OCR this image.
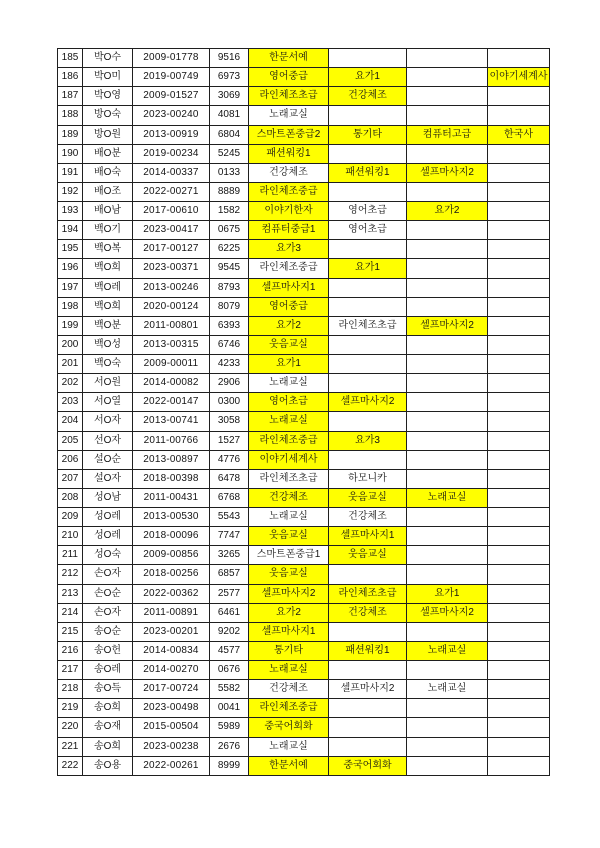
185	박O수	2009-01778	9516	한문서예			
186	박O미	2019-00749	6973	영어중급	요가1		이야기세계사
187	박O영	2009-01527	3069	라인체조초급	건강체조		
188	방O숙	2023-00240	4081	노래교실			
189	방O원	2013-00919	6804	스마트폰중급2	통기타	컴퓨터고급	한국사
190	배O분	2019-00234	5245	패션워킹1			
191	배O숙	2014-00337	0133	건강체조	패션워킹1	셀프마사지2	
192	배O조	2022-00271	8889	라인체조중급			
193	배O남	2017-00610	1582	이야기한자	영어초급	요가2	
194	백O기	2023-00417	0675	컴퓨터중급1	영어초급		
195	백O복	2017-00127	6225	요가3			
196	백O희	2023-00371	9545	라인체조중급	요가1		
197	백O레	2013-00246	8793	셀프마사지1			
198	백O희	2020-00124	8079	영어중급			
199	백O분	2011-00801	6393	요가2	라인체조초급	셀프마사지2	
200	백O성	2013-00315	6746	웃음교실			
201	백O숙	2009-00011	4233	요가1			
202	서O원	2014-00082	2906	노래교실			
203	서O열	2022-00147	0300	영어초급	셀프마사지2		
204	서O자	2013-00741	3058	노래교실			
205	선O자	2011-00766	1527	라인체조중급	요가3		
206	설O순	2013-00897	4776	이야기세계사			
207	설O자	2018-00398	6478	라인체조초급	하모니카		
208	성O남	2011-00431	6768	건강체조	웃음교실	노래교실	
209	성O레	2013-00530	5543	노래교실	건강체조		
210	성O레	2018-00096	7747	웃음교실	셀프마사지1		
211	성O숙	2009-00856	3265	스마트폰중급1	웃음교실		
212	손O자	2018-00256	6857	웃음교실			
213	손O순	2022-00362	2577	셀프마사지2	라인체조초급	요가1	
214	손O자	2011-00891	6461	요가2	건강체조	셀프마사지2	
215	송O순	2023-00201	9202	셀프마사지1			
216	송O헌	2014-00834	4577	통기타	패션워킹1	노래교실	
217	송O레	2014-00270	0676	노래교실			
218	송O득	2017-00724	5582	건강체조	셀프마사지2	노래교실	
219	송O희	2023-00498	0041	라인체조중급			
220	송O재	2015-00504	5989	중국어회화			
221	송O희	2023-00238	2676	노래교실			
222	송O용	2022-00261	8999	한문서예	중국어회화		
